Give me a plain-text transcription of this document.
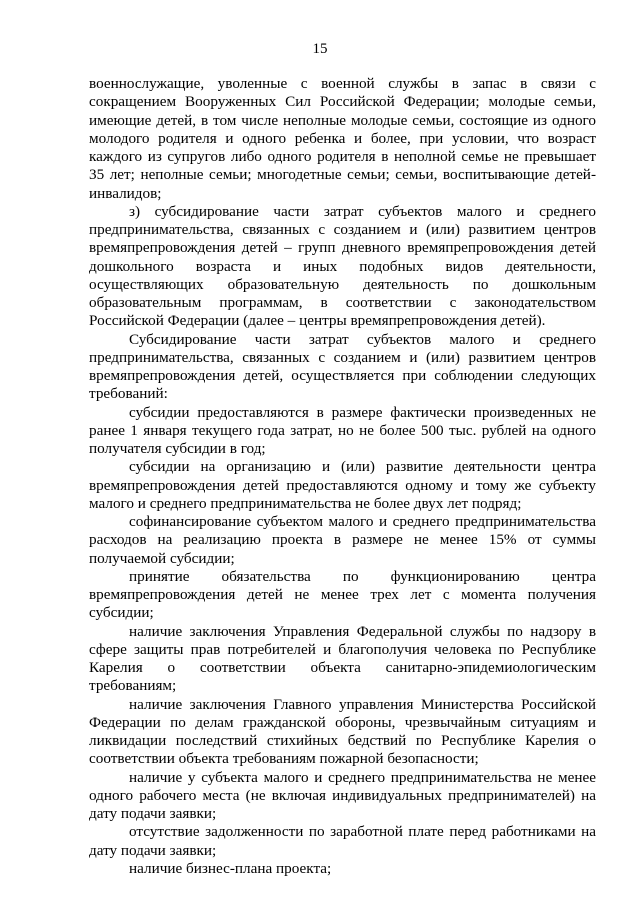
15

военнослужащие, уволенные с военной службы в запас в связи с сокращением Вооруженных Сил Российской Федерации; молодые семьи, имеющие детей, в том числе неполные молодые семьи, состоящие из одного молодого родителя и одного ребенка и более, при условии, что возраст каждого из супругов либо одного родителя в неполной семье не превышает 35 лет; неполные семьи; многодетные семьи; семьи, воспитывающие детей-инвалидов;

з) субсидирование части затрат субъектов малого и среднего предпринимательства, связанных с созданием и (или) развитием центров времяпрепровождения детей – групп дневного времяпрепровождения детей дошкольного возраста и иных подобных видов деятельности, осуществляющих образовательную деятельность по дошкольным образовательным программам, в соответствии с законодательством Российской Федерации (далее – центры времяпрепровождения детей).

Субсидирование части затрат субъектов малого и среднего предпринимательства, связанных с созданием и (или) развитием центров времяпрепровождения детей, осуществляется при соблюдении следующих требований:

субсидии предоставляются в размере фактически произведенных не ранее 1 января текущего года затрат, но не более 500 тыс. рублей на одного получателя субсидии в год;

субсидии на организацию и (или) развитие деятельности центра времяпрепровождения детей предоставляются одному и тому же субъекту малого и среднего предпринимательства не более двух лет подряд;

софинансирование субъектом малого и среднего предпринимательства расходов на реализацию проекта в размере не менее 15% от суммы получаемой субсидии;

принятие обязательства по функционированию центра времяпрепровождения детей не менее трех лет с момента получения субсидии;

наличие заключения Управления Федеральной службы по надзору в сфере защиты прав потребителей и благополучия человека по Республике Карелия о соответствии объекта санитарно-эпидемиологическим требованиям;

наличие заключения Главного управления Министерства Российской Федерации по делам гражданской обороны, чрезвычайным ситуациям и ликвидации последствий стихийных бедствий по Республике Карелия о соответствии объекта требованиям пожарной безопасности;

наличие у субъекта малого и среднего предпринимательства не менее одного рабочего места (не включая индивидуальных предпринимателей) на дату подачи заявки;

отсутствие задолженности по заработной плате перед работниками на дату подачи заявки;

наличие бизнес-плана проекта;
